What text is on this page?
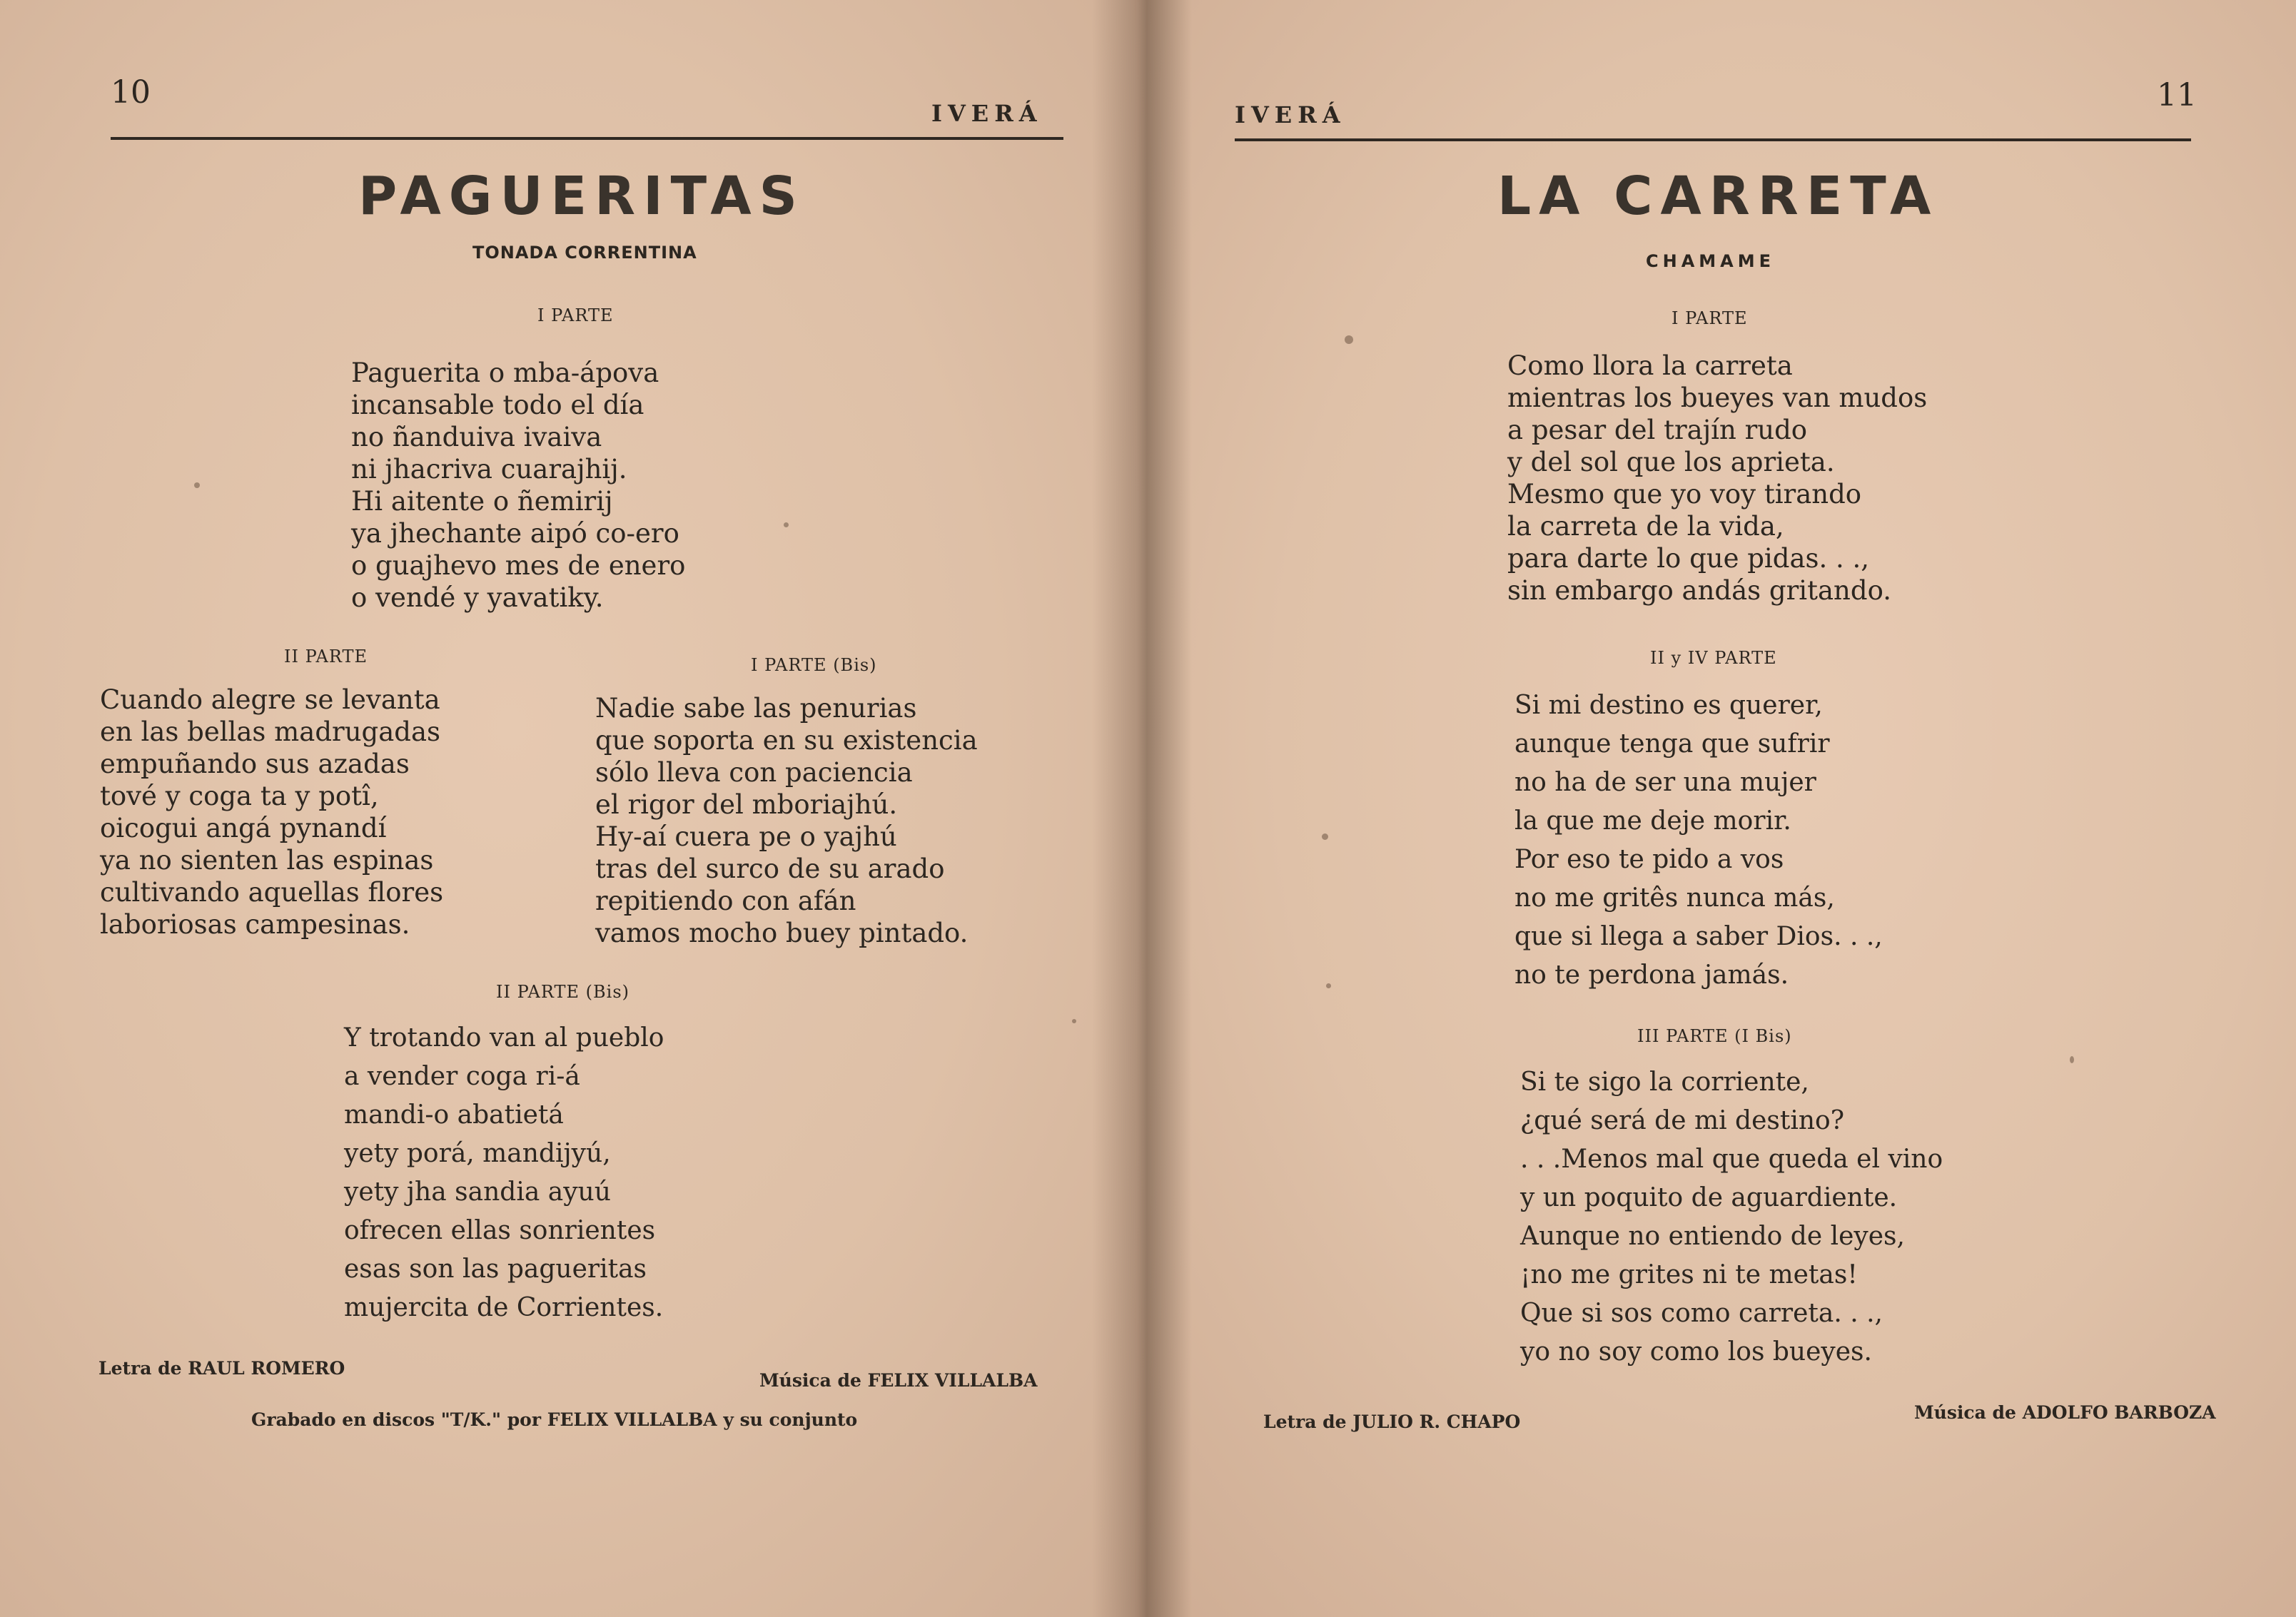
10
IVERÁ
PAGUERITAS
TONADA CORRENTINA
I PARTE
Paguerita o mba-ápova
incansable todo el día
no ñanduiva ivaiva
ni jhacriva cuarajhij.
Hi aitente o ñemirij
ya jhechante aipó co-ero
o guajhevo mes de enero
o vendé y yavatiky.
II PARTE
Cuando alegre se levanta
en las bellas madrugadas
empuñando sus azadas
tové y coga ta y potî,
oicogui angá pynandí
ya no sienten las espinas
cultivando aquellas flores
laboriosas campesinas.
I PARTE (Bis)
Nadie sabe las penurias
que soporta en su existencia
sólo lleva con paciencia
el rigor del mboriajhú.
Hy-aí cuera pe o yajhú
tras del surco de su arado
repitiendo con afán
vamos mocho buey pintado.
II PARTE (Bis)
Y trotando van al pueblo
a vender coga ri-á
mandi-o abatietá
yety porá, mandijyú,
yety jha sandia ayuú
ofrecen ellas sonrientes
esas son las pagueritas
mujercita de Corrientes.
Letra de RAUL ROMERO
Música de FELIX VILLALBA
Grabado en discos "T/K." por FELIX VILLALBA y su conjunto
IVERÁ
11
LA CARRETA
CHAMAME
I PARTE
Como llora la carreta
mientras los bueyes van mudos
a pesar del trajín rudo
y del sol que los aprieta.
Mesmo que yo voy tirando
la carreta de la vida,
para darte lo que pidas. . .,
sin embargo andás gritando.
II y IV PARTE
Si mi destino es querer,
aunque tenga que sufrir
no ha de ser una mujer
la que me deje morir.
Por eso te pido a vos
no me gritês nunca más,
que si llega a saber Dios. . .,
no te perdona jamás.
III PARTE (I Bis)
Si te sigo la corriente,
¿qué será de mi destino?
. . .Menos mal que queda el vino
y un poquito de aguardiente.
Aunque no entiendo de leyes,
¡no me grites ni te metas!
Que si sos como carreta. . .,
yo no soy como los bueyes.
Letra de JULIO R. CHAPO	Música de ADOLFO BARBOZA
